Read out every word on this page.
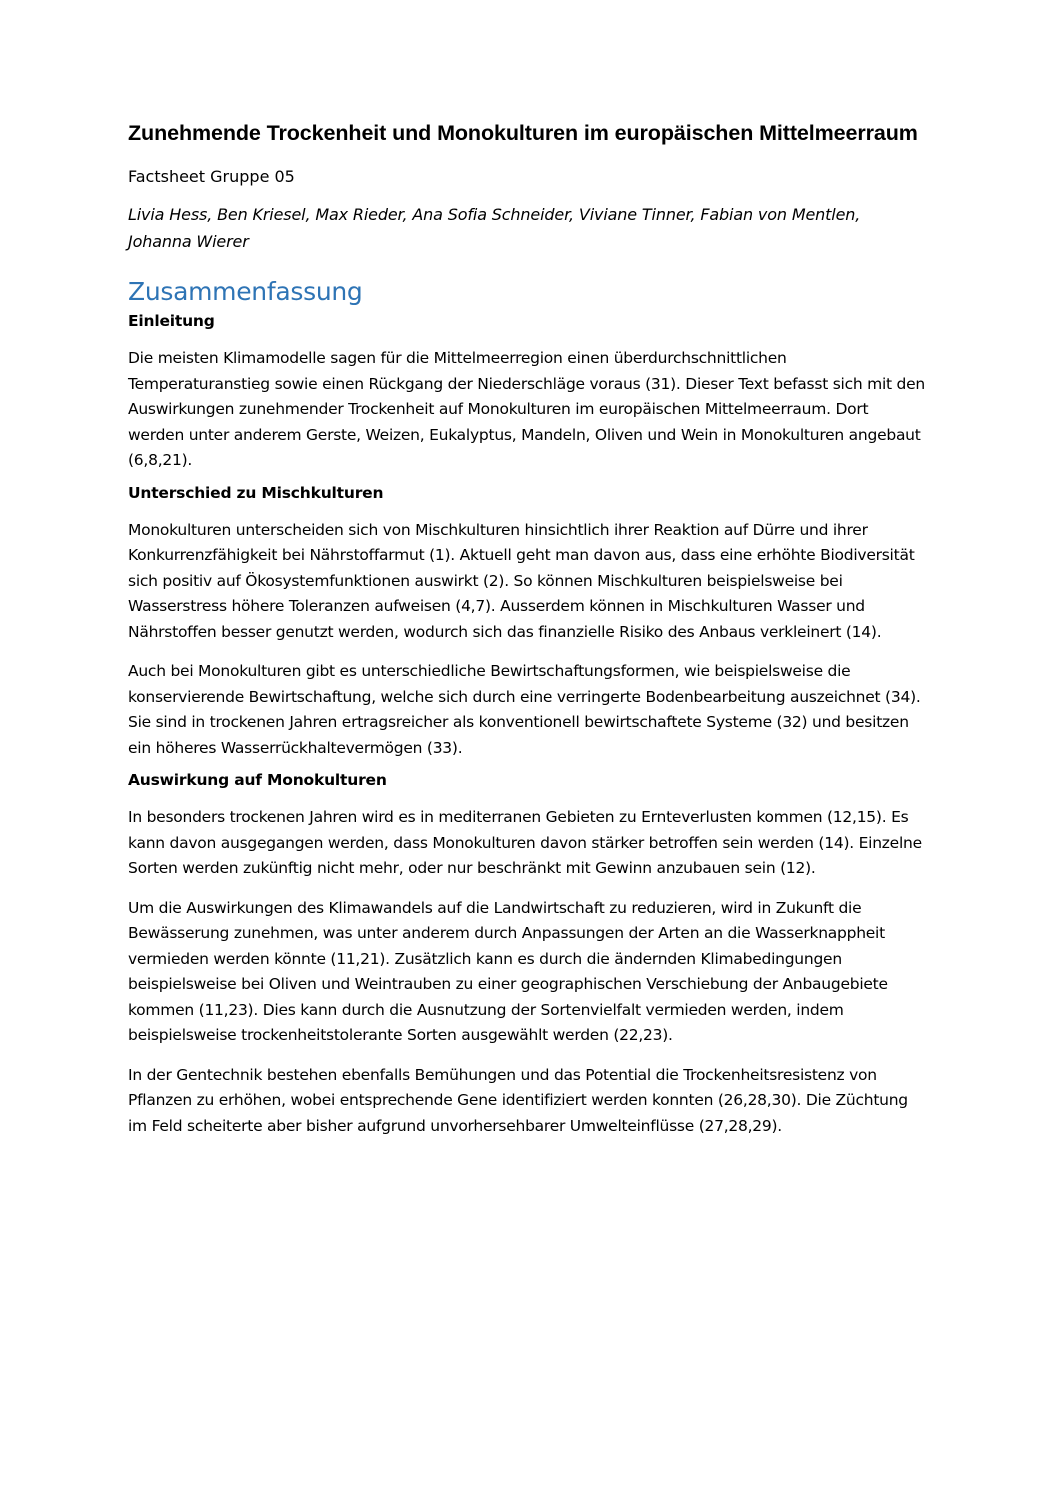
Zunehmende Trockenheit und Monokulturen im europäischen Mittelmeerraum

Factsheet Gruppe 05

Livia Hess, Ben Kriesel, Max Rieder, Ana Sofia Schneider, Viviane Tinner, Fabian von Mentlen, Johanna Wierer

Zusammenfassung
Einleitung

Die meisten Klimamodelle sagen für die Mittelmeerregion einen überdurchschnittlichen Temperaturanstieg sowie einen Rückgang der Niederschläge voraus (31). Dieser Text befasst sich mit den Auswirkungen zunehmender Trockenheit auf Monokulturen im europäischen Mittelmeerraum. Dort werden unter anderem Gerste, Weizen, Eukalyptus, Mandeln, Oliven und Wein in Monokulturen angebaut (6,8,21).

Unterschied zu Mischkulturen

Monokulturen unterscheiden sich von Mischkulturen hinsichtlich ihrer Reaktion auf Dürre und ihrer Konkurrenzfähigkeit bei Nährstoffarmut (1). Aktuell geht man davon aus, dass eine erhöhte Biodiversität sich positiv auf Ökosystemfunktionen auswirkt (2). So können Mischkulturen beispielsweise bei Wasserstress höhere Toleranzen aufweisen (4,7). Ausserdem können in Mischkulturen Wasser und Nährstoffen besser genutzt werden, wodurch sich das finanzielle Risiko des Anbaus verkleinert (14).

Auch bei Monokulturen gibt es unterschiedliche Bewirtschaftungsformen, wie beispielsweise die konservierende Bewirtschaftung, welche sich durch eine verringerte Bodenbearbeitung auszeichnet (34). Sie sind in trockenen Jahren ertragsreicher als konventionell bewirtschaftete Systeme (32) und besitzen ein höheres Wasserrückhaltevermögen (33).

Auswirkung auf Monokulturen

In besonders trockenen Jahren wird es in mediterranen Gebieten zu Ernteverlusten kommen (12,15). Es kann davon ausgegangen werden, dass Monokulturen davon stärker betroffen sein werden (14). Einzelne Sorten werden zukünftig nicht mehr, oder nur beschränkt mit Gewinn anzubauen sein (12).

Um die Auswirkungen des Klimawandels auf die Landwirtschaft zu reduzieren, wird in Zukunft die Bewässerung zunehmen, was unter anderem durch Anpassungen der Arten an die Wasserknappheit vermieden werden könnte (11,21). Zusätzlich kann es durch die ändernden Klimabedingungen beispielsweise bei Oliven und Weintrauben zu einer geographischen Verschiebung der Anbaugebiete kommen (11,23). Dies kann durch die Ausnutzung der Sortenvielfalt vermieden werden, indem beispielsweise trockenheitstolerante Sorten ausgewählt werden (22,23).

In der Gentechnik bestehen ebenfalls Bemühungen und das Potential die Trockenheitsresistenz von Pflanzen zu erhöhen, wobei entsprechende Gene identifiziert werden konnten (26,28,30). Die Züchtung im Feld scheiterte aber bisher aufgrund unvorhersehbarer Umwelteinflüsse (27,28,29).
